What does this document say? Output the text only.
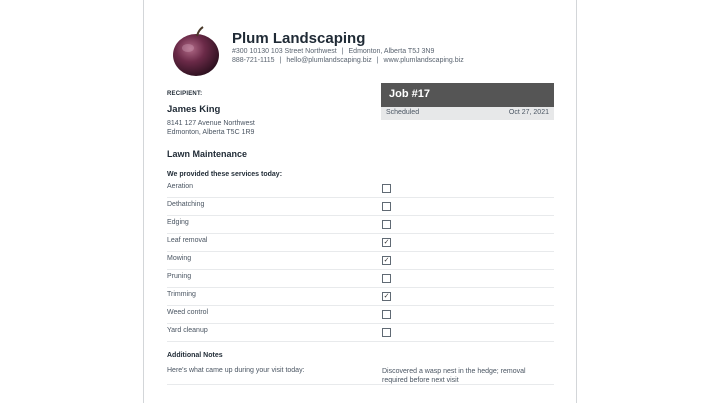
Plum Landscaping
#300 10130 103 Street Northwest | Edmonton, Alberta T5J 3N9
888-721-1115 | hello@plumlandscaping.biz | www.plumlandscaping.biz
RECIPIENT:
James King
8141 127 Avenue Northwest
Edmonton, Alberta T5C 1R9
Job #17
Scheduled	Oct 27, 2021
Lawn Maintenance
We provided these services today:
Aeration
Dethatching
Edging
Leaf removal	✓
Mowing	✓
Pruning
Trimming	✓
Weed control
Yard cleanup
Additional Notes
Here's what came up during your visit today:	Discovered a wasp nest in the hedge; removal required before next visit
